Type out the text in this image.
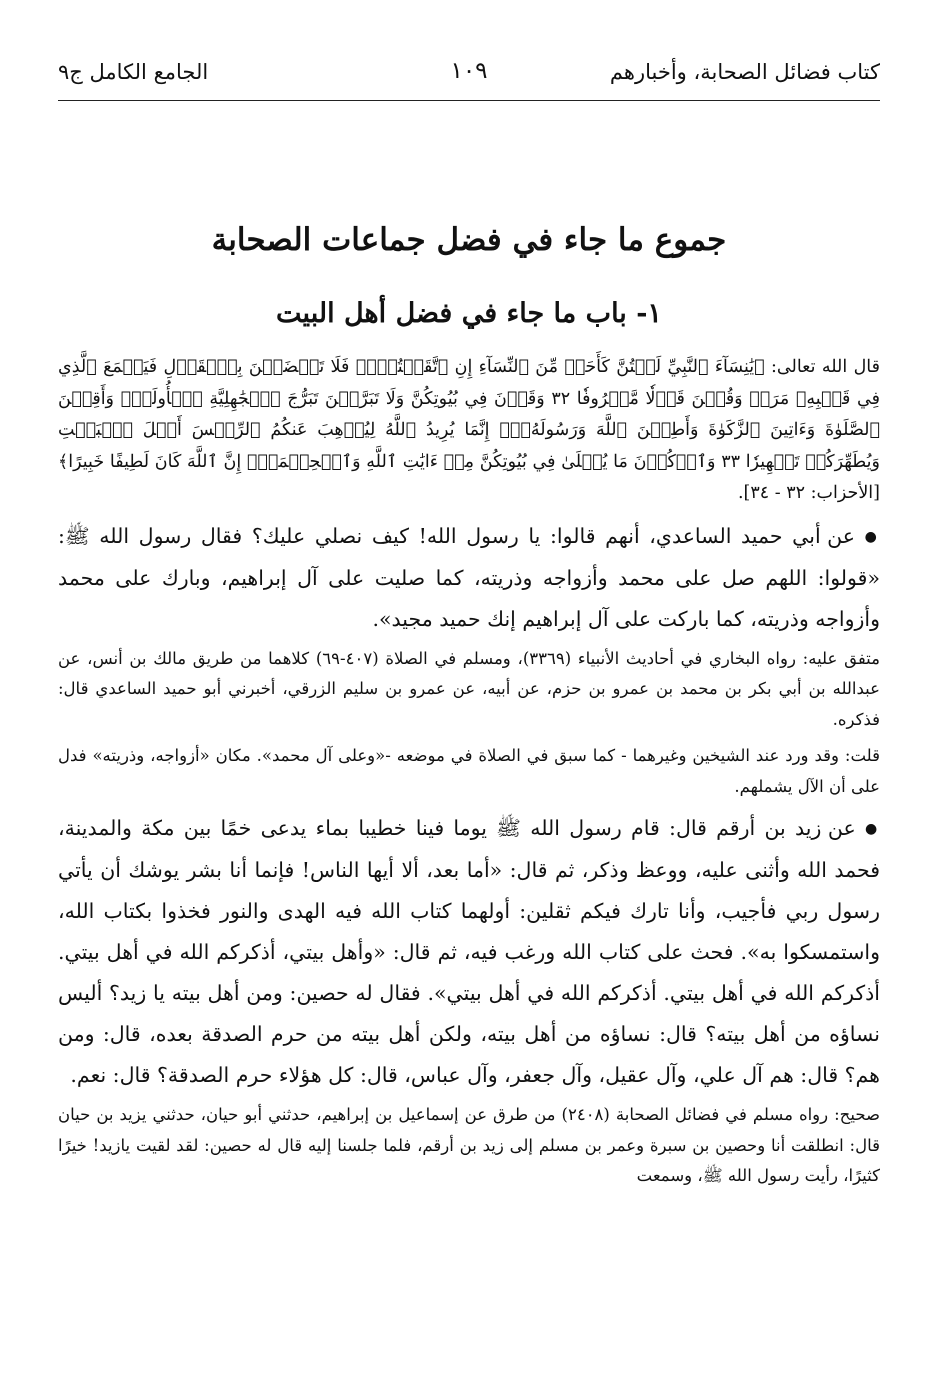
كتاب فضائل الصحابة، وأخبارهم
١٠٩
الجامع الكامل ج٩
جموع ما جاء في فضل جماعات الصحابة
١- باب ما جاء في فضل أهل البيت

قال الله تعالى: ﴿يَٰنِسَآءَ ٱلنَّبِيِّ لَسۡتُنَّ كَأَحَدٖ مِّنَ ٱلنِّسَآءِ إِنِ ٱتَّقَيۡتُنَّۚ فَلَا تَخۡضَعۡنَ بِٱلۡقَوۡلِ فَيَطۡمَعَ ٱلَّذِي فِي قَلۡبِهِۦ مَرَضٞ وَقُلۡنَ قَوۡلٗا مَّعۡرُوفٗا ٣٢ وَقَرۡنَ فِي بُيُوتِكُنَّ وَلَا تَبَرَّجۡنَ تَبَرُّجَ ٱلۡجَٰهِلِيَّةِ ٱلۡأُولَىٰۖ وَأَقِمۡنَ ٱلصَّلَوٰةَ وَءَاتِينَ ٱلزَّكَوٰةَ وَأَطِعۡنَ ٱللَّهَ وَرَسُولَهُۥٓۚ إِنَّمَا يُرِيدُ ٱللَّهُ لِيُذۡهِبَ عَنكُمُ ٱلرِّجۡسَ أَهۡلَ ٱلۡبَيۡتِ وَيُطَهِّرَكُمۡ تَطۡهِيرٗا ٣٣ وَٱذۡكُرۡنَ مَا يُتۡلَىٰ فِي بُيُوتِكُنَّ مِنۡ ءَايَٰتِ ٱللَّهِ وَٱلۡحِكۡمَةِۚ إِنَّ ٱللَّهَ كَانَ لَطِيفًا خَبِيرًا﴾ [الأحزاب: ٣٢ - ٣٤].

● عن أبي حميد الساعدي، أنهم قالوا: يا رسول الله! كيف نصلي عليك؟ فقال رسول الله ﷺ: «قولوا: اللهم صل على محمد وأزواجه وذريته، كما صليت على آل إبراهيم، وبارك على محمد وأزواجه وذريته، كما باركت على آل إبراهيم إنك حميد مجيد».

متفق عليه: رواه البخاري في أحاديث الأنبياء (٣٣٦٩)، ومسلم في الصلاة (٤٠٧-٦٩) كلاهما من طريق مالك بن أنس، عن عبدالله بن أبي بكر بن محمد بن عمرو بن حزم، عن أبيه، عن عمرو بن سليم الزرقي، أخبرني أبو حميد الساعدي قال: فذكره.

قلت: وقد ورد عند الشيخين وغيرهما - كما سبق في الصلاة في موضعه -«وعلى آل محمد». مكان «أزواجه، وذريته» فدل على أن الآل يشملهم.

● عن زيد بن أرقم قال: قام رسول الله ﷺ يوما فينا خطيبا بماء يدعى خمًا بين مكة والمدينة، فحمد الله وأثنى عليه، ووعظ وذكر، ثم قال: «أما بعد، ألا أيها الناس! فإنما أنا بشر يوشك أن يأتي رسول ربي فأجيب، وأنا تارك فيكم ثقلين: أولهما كتاب الله فيه الهدى والنور فخذوا بكتاب الله، واستمسكوا به». فحث على كتاب الله ورغب فيه، ثم قال: «وأهل بيتي، أذكركم الله في أهل بيتي. أذكركم الله في أهل بيتي. أذكركم الله في أهل بيتي». فقال له حصين: ومن أهل بيته يا زيد؟ أليس نساؤه من أهل بيته؟ قال: نساؤه من أهل بيته، ولكن أهل بيته من حرم الصدقة بعده، قال: ومن هم؟ قال: هم آل علي، وآل عقيل، وآل جعفر، وآل عباس، قال: كل هؤلاء حرم الصدقة؟ قال: نعم.

صحيح: رواه مسلم في فضائل الصحابة (٢٤٠٨) من طرق عن إسماعيل بن إبراهيم، حدثني أبو حيان، حدثني يزيد بن حيان قال: انطلقت أنا وحصين بن سبرة وعمر بن مسلم إلى زيد بن أرقم، فلما جلسنا إليه قال له حصين: لقد لقيت يازيد! خيرًا كثيرًا، رأيت رسول الله ﷺ، وسمعت
